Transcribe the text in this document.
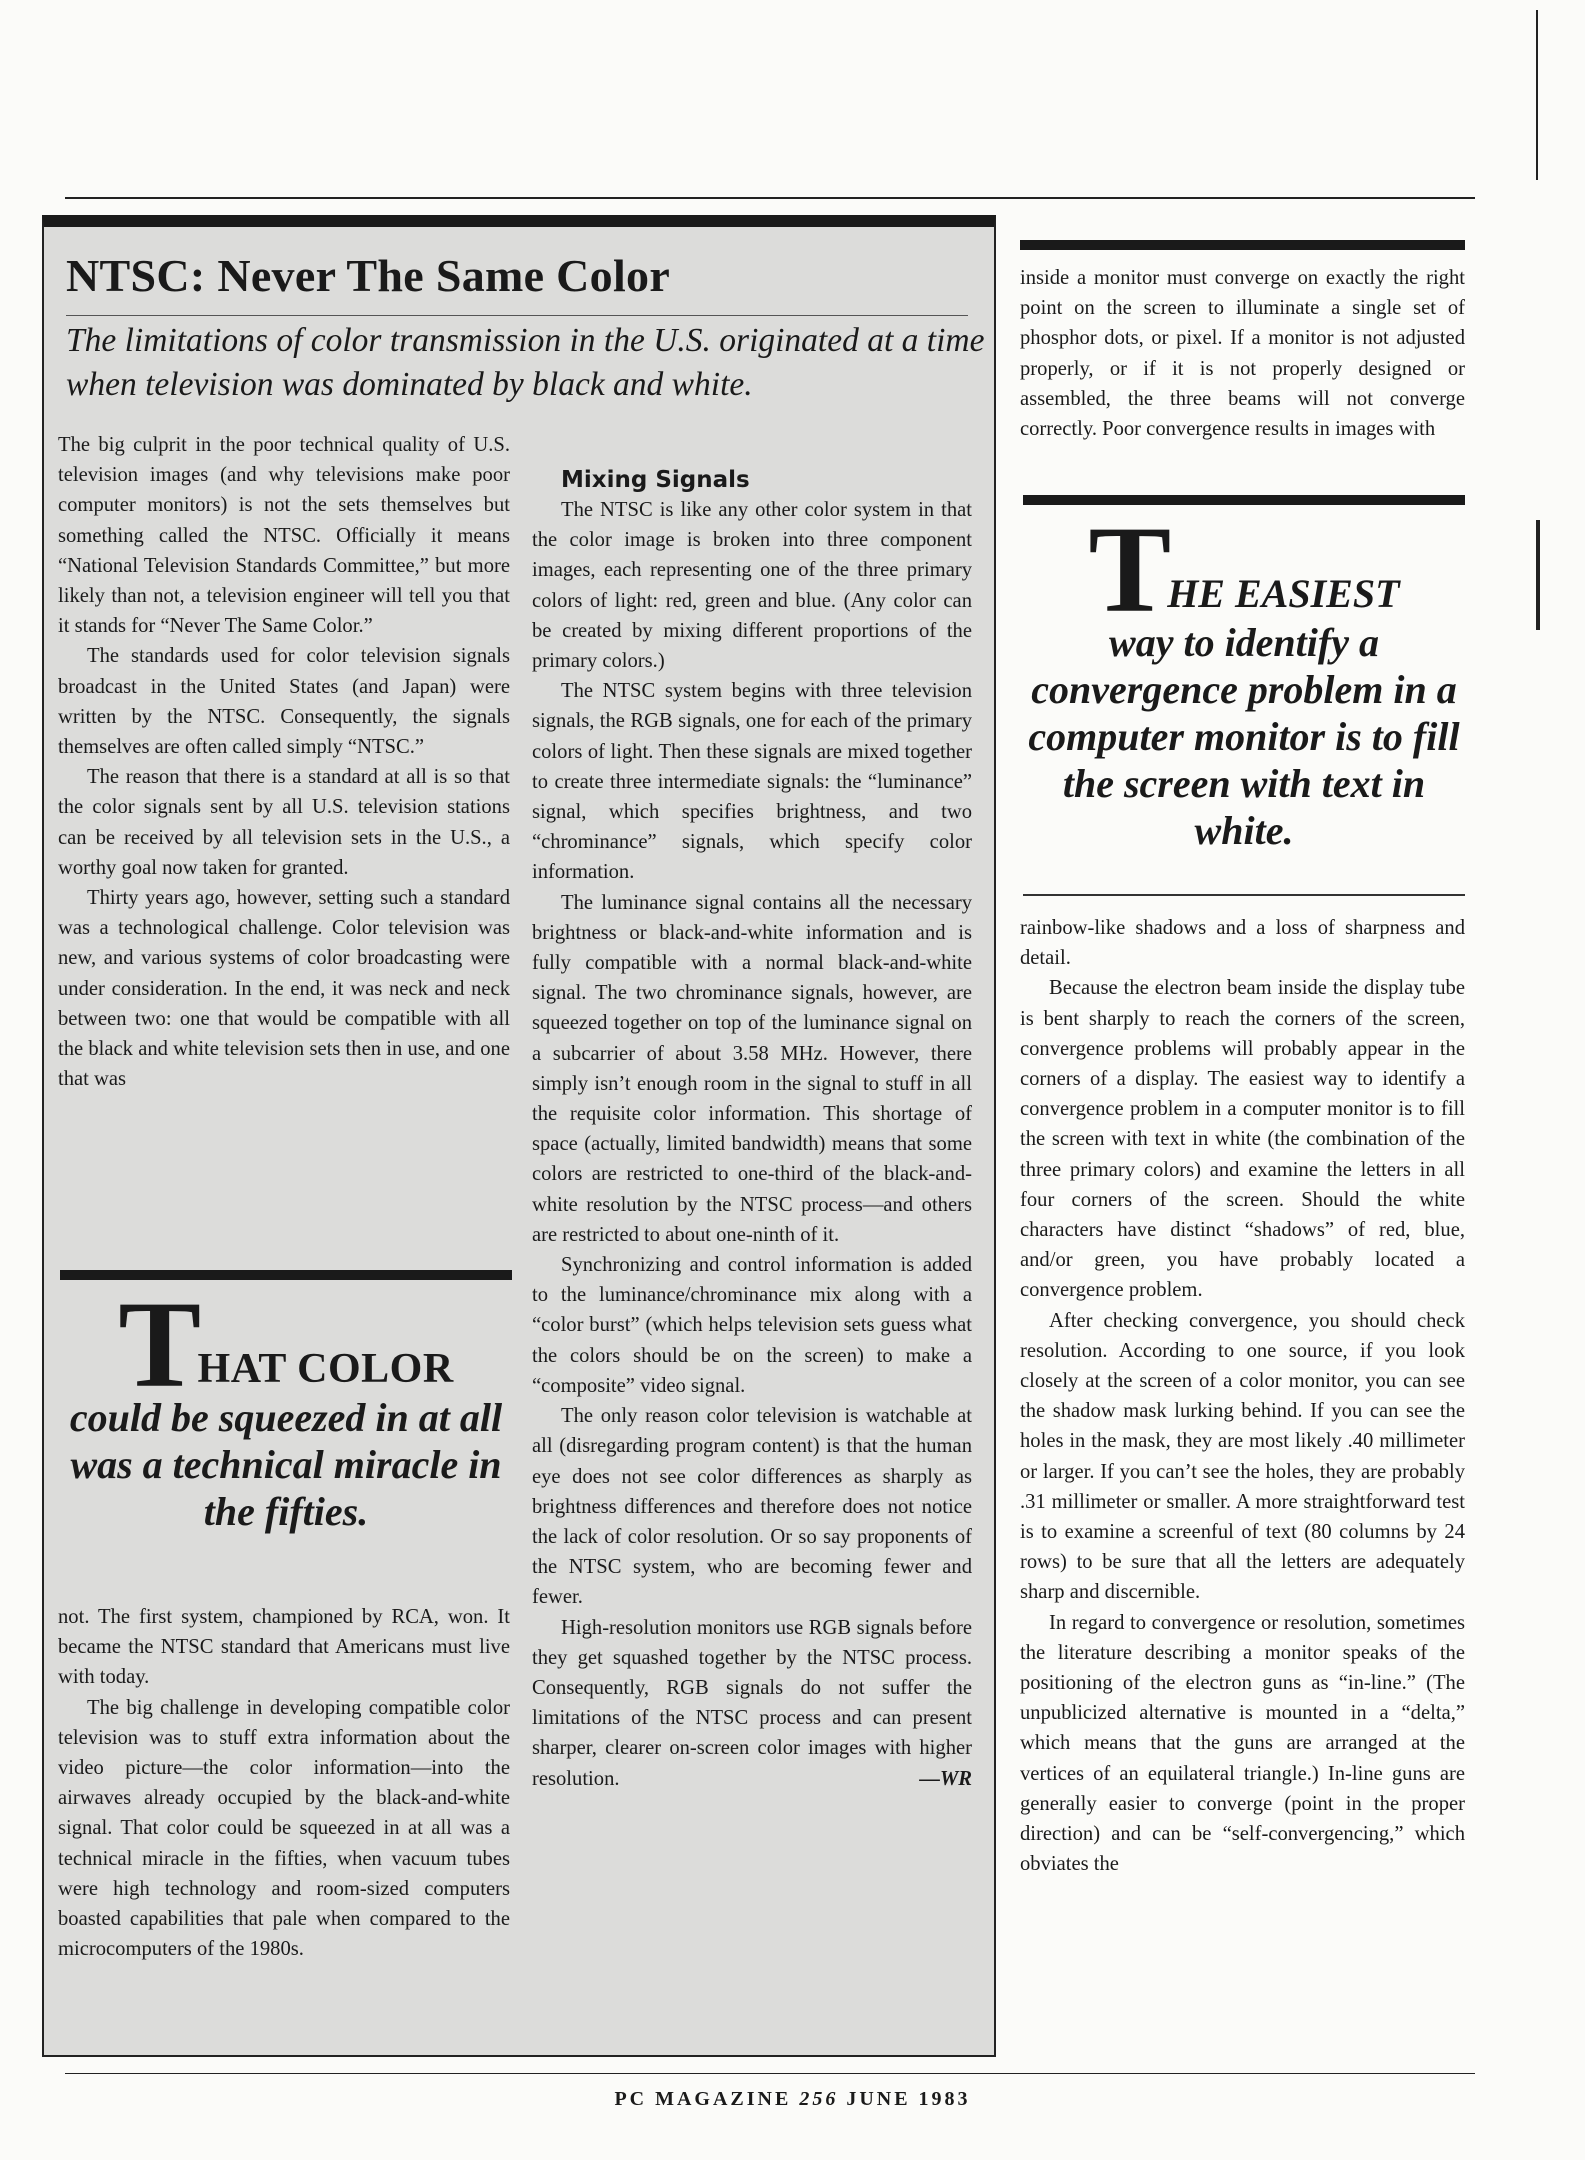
NTSC: Never The Same Color

The limitations of color transmission in the U.S. originated at a time when television was dominated by black and white.

The big culprit in the poor technical quality of U.S. television images (and why televisions make poor computer monitors) is not the sets themselves but something called the NTSC. Officially it means “National Television Standards Committee,” but more likely than not, a television engineer will tell you that it stands for “Never The Same Color.”

The standards used for color television signals broadcast in the United States (and Japan) were written by the NTSC. Consequently, the signals themselves are often called simply “NTSC.”

The reason that there is a standard at all is so that the color signals sent by all U.S. television stations can be received by all television sets in the U.S., a worthy goal now taken for granted.

Thirty years ago, however, setting such a standard was a technological challenge. Color television was new, and various systems of color broadcasting were under consideration. In the end, it was neck and neck between two: one that would be compatible with all the black and white television sets then in use, and one that was

THAT COLOR
could be squeezed in at all was a technical miracle in the fifties.

not. The first system, championed by RCA, won. It became the NTSC standard that Americans must live with today.

The big challenge in developing compatible color television was to stuff extra information about the video picture—the color information—into the airwaves already occupied by the black-and-white signal. That color could be squeezed in at all was a technical miracle in the fifties, when vacuum tubes were high technology and room-sized computers boasted capabilities that pale when compared to the microcomputers of the 1980s.

Mixing Signals

The NTSC is like any other color system in that the color image is broken into three component images, each representing one of the three primary colors of light: red, green and blue. (Any color can be created by mixing different proportions of the primary colors.)

The NTSC system begins with three television signals, the RGB signals, one for each of the primary colors of light. Then these signals are mixed together to create three intermediate signals: the “luminance” signal, which specifies brightness, and two “chrominance” signals, which specify color information.

The luminance signal contains all the necessary brightness or black-and-white information and is fully compatible with a normal black-and-white signal. The two chrominance signals, however, are squeezed together on top of the luminance signal on a subcarrier of about 3.58 MHz. However, there simply isn’t enough room in the signal to stuff in all the requisite color information. This shortage of space (actually, limited bandwidth) means that some colors are restricted to one-third of the black-and-white resolution by the NTSC process—and others are restricted to about one-ninth of it.

Synchronizing and control information is added to the luminance/chrominance mix along with a “color burst” (which helps television sets guess what the colors should be on the screen) to make a “composite” video signal.

The only reason color television is watchable at all (disregarding program content) is that the human eye does not see color differences as sharply as brightness differences and therefore does not notice the lack of color resolution. Or so say proponents of the NTSC system, who are becoming fewer and fewer.

High-resolution monitors use RGB signals before they get squashed together by the NTSC process. Consequently, RGB signals do not suffer the limitations of the NTSC process and can present sharper, clearer on-screen color images with higher resolution.	—WR

inside a monitor must converge on exactly the right point on the screen to illuminate a single set of phosphor dots, or pixel. If a monitor is not adjusted properly, or if it is not properly designed or assembled, the three beams will not converge correctly. Poor convergence results in images with

THE EASIEST
way to identify a convergence problem in a computer monitor is to fill the screen with text in white.

rainbow-like shadows and a loss of sharpness and detail.

Because the electron beam inside the display tube is bent sharply to reach the corners of the screen, convergence problems will probably appear in the corners of a display. The easiest way to identify a convergence problem in a computer monitor is to fill the screen with text in white (the combination of the three primary colors) and examine the letters in all four corners of the screen. Should the white characters have distinct “shadows” of red, blue, and/or green, you have probably located a convergence problem.

After checking convergence, you should check resolution. According to one source, if you look closely at the screen of a color monitor, you can see the shadow mask lurking behind. If you can see the holes in the mask, they are most likely .40 millimeter or larger. If you can’t see the holes, they are probably .31 millimeter or smaller. A more straightforward test is to examine a screenful of text (80 columns by 24 rows) to be sure that all the letters are adequately sharp and discernible.

In regard to convergence or resolution, sometimes the literature describing a monitor speaks of the positioning of the electron guns as “in-line.” (The unpublicized alternative is mounted in a “delta,” which means that the guns are arranged at the vertices of an equilateral triangle.) In-line guns are generally easier to converge (point in the proper direction) and can be “self-convergencing,” which obviates the

PC MAGAZINE 256 JUNE 1983
